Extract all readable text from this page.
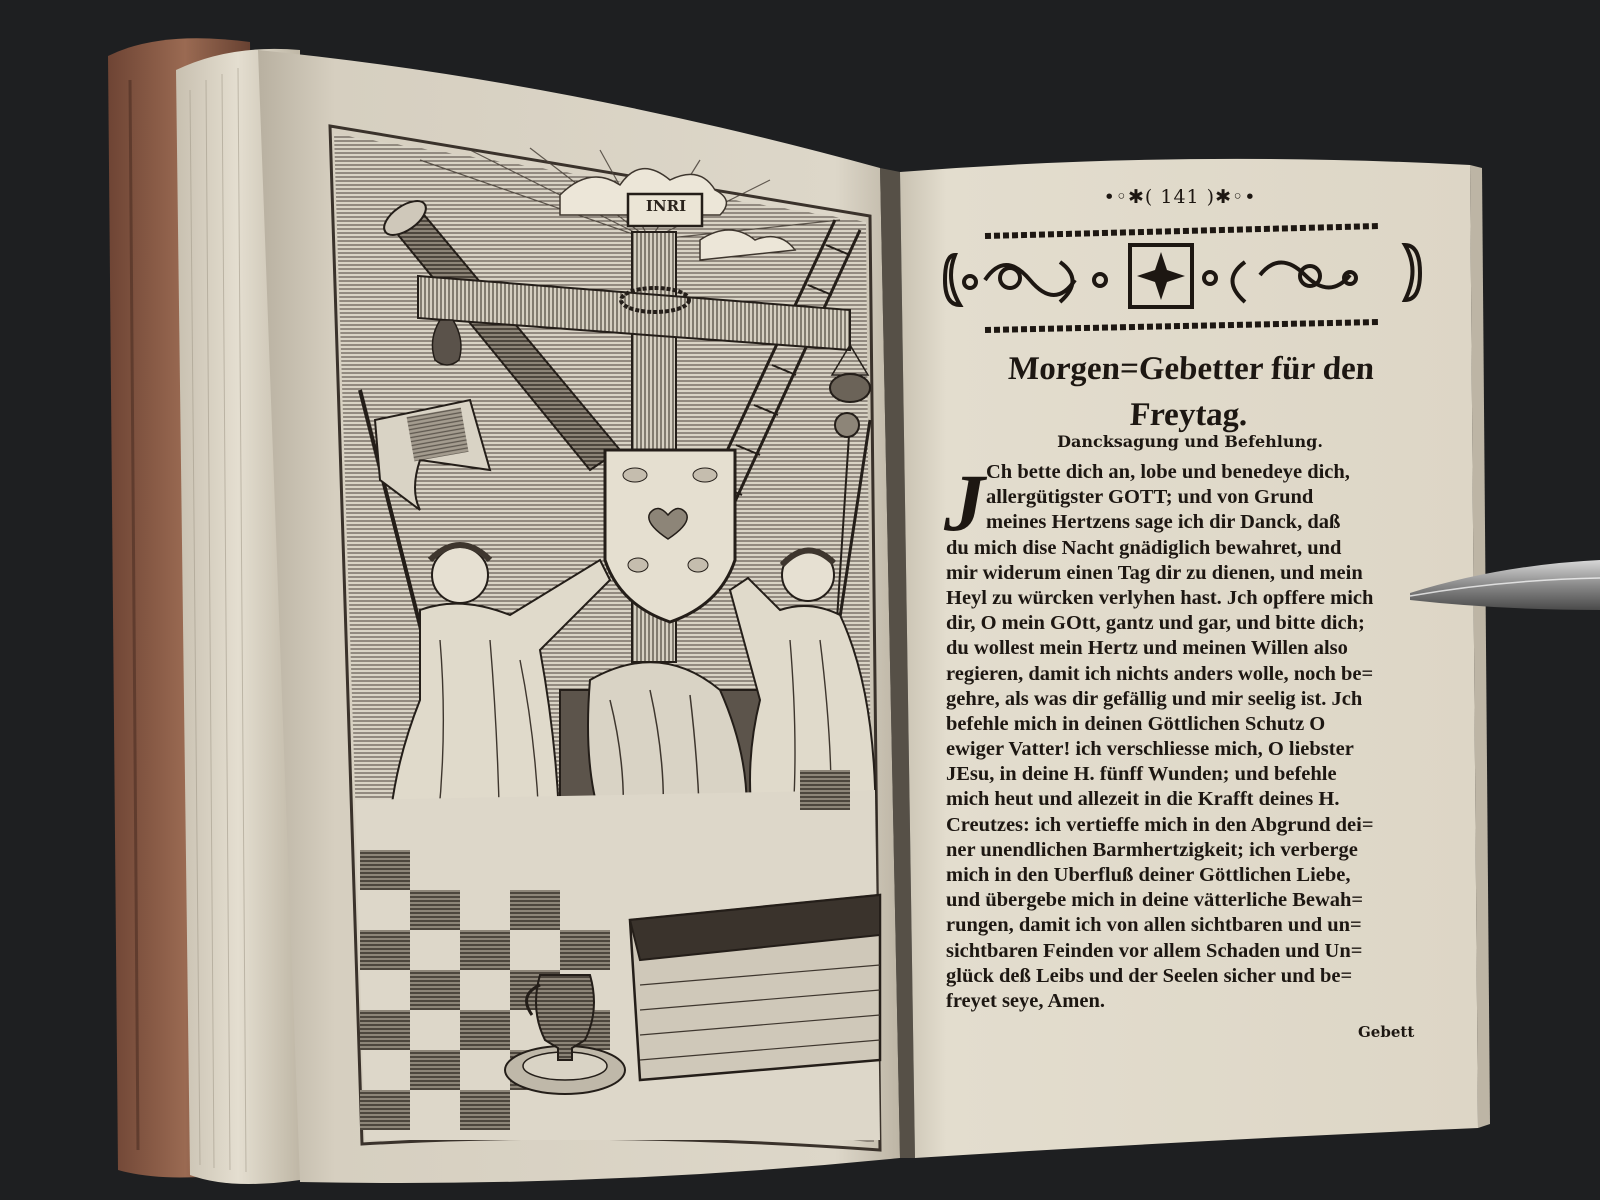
INRI	•◦✱( 141 )✱◦•
Morgen=Gebetter für den
Freytag.
Dancksagung und Befehlung.
J Ch bette dich an, lobe und benedeye dich,
allergütigster GOTT; und von Grund
meines Hertzens sage ich dir Danck, daß
du mich dise Nacht gnädiglich bewahret, und
mir widerum einen Tag dir zu dienen, und mein
Heyl zu würcken verlyhen hast. Jch opffere mich
dir, O mein GOtt, gantz und gar, und bitte dich;
du wollest mein Hertz und meinen Willen also
regieren, damit ich nichts anders wolle, noch be=
gehre, als was dir gefällig und mir seelig ist. Jch
befehle mich in deinen Göttlichen Schutz O
ewiger Vatter! ich verschliesse mich, O liebster
JEsu, in deine H. fünff Wunden; und befehle
mich heut und allezeit in die Krafft deines H.
Creutzes: ich vertieffe mich in den Abgrund dei=
ner unendlichen Barmhertzigkeit; ich verberge
mich in den Uberfluß deiner Göttlichen Liebe,
und übergebe mich in deine vätterliche Bewah=
rungen, damit ich von allen sichtbaren und un=
sichtbaren Feinden vor allem Schaden und Un=
glück deß Leibs und der Seelen sicher und be=
freyet seye, Amen.
Gebett
